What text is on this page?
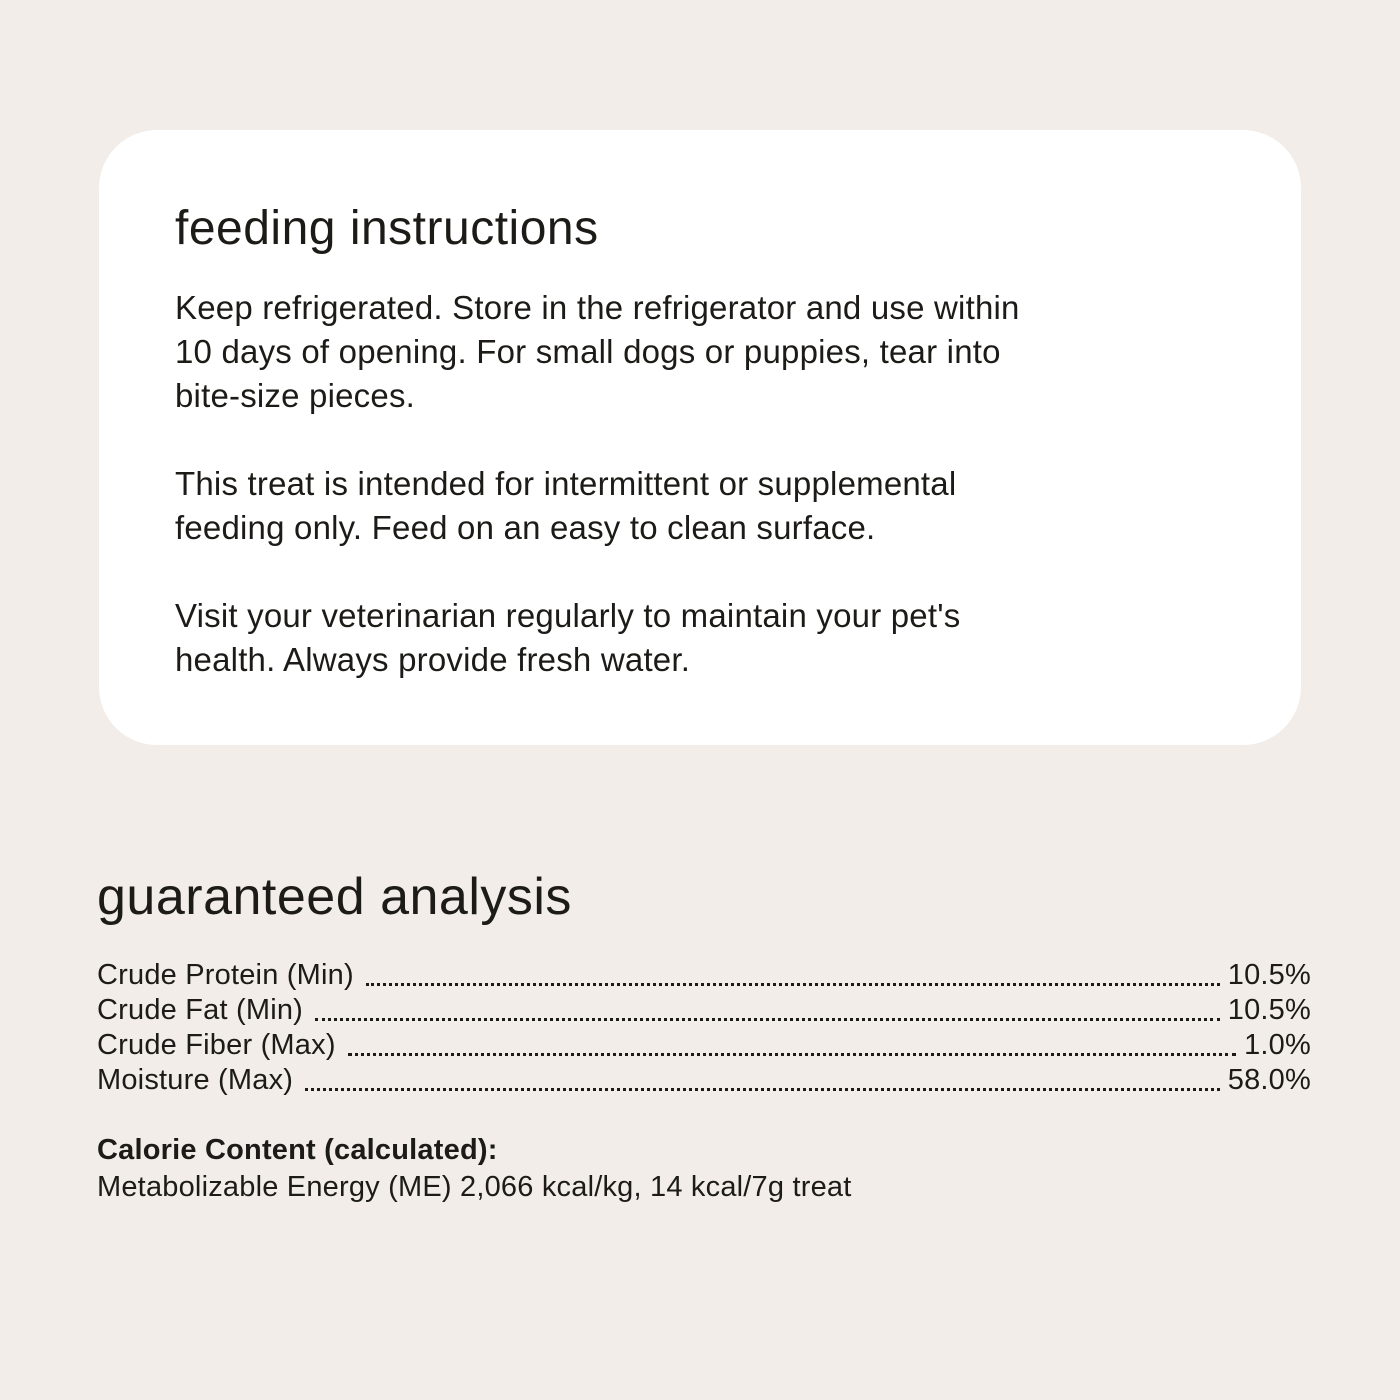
feeding instructions
Keep refrigerated. Store in the refrigerator and use within
10 days of opening. For small dogs or puppies, tear into
bite-size pieces.
This treat is intended for intermittent or supplemental
feeding only. Feed on an easy to clean surface.
Visit your veterinarian regularly to maintain your pet's
health. Always provide fresh water.
guaranteed analysis
Crude Protein (Min)	10.5%
Crude Fat (Min)	10.5%
Crude Fiber (Max)	1.0%
Moisture (Max)	58.0%
Calorie Content (calculated):
Metabolizable Energy (ME) 2,066 kcal/kg, 14 kcal/7g treat
